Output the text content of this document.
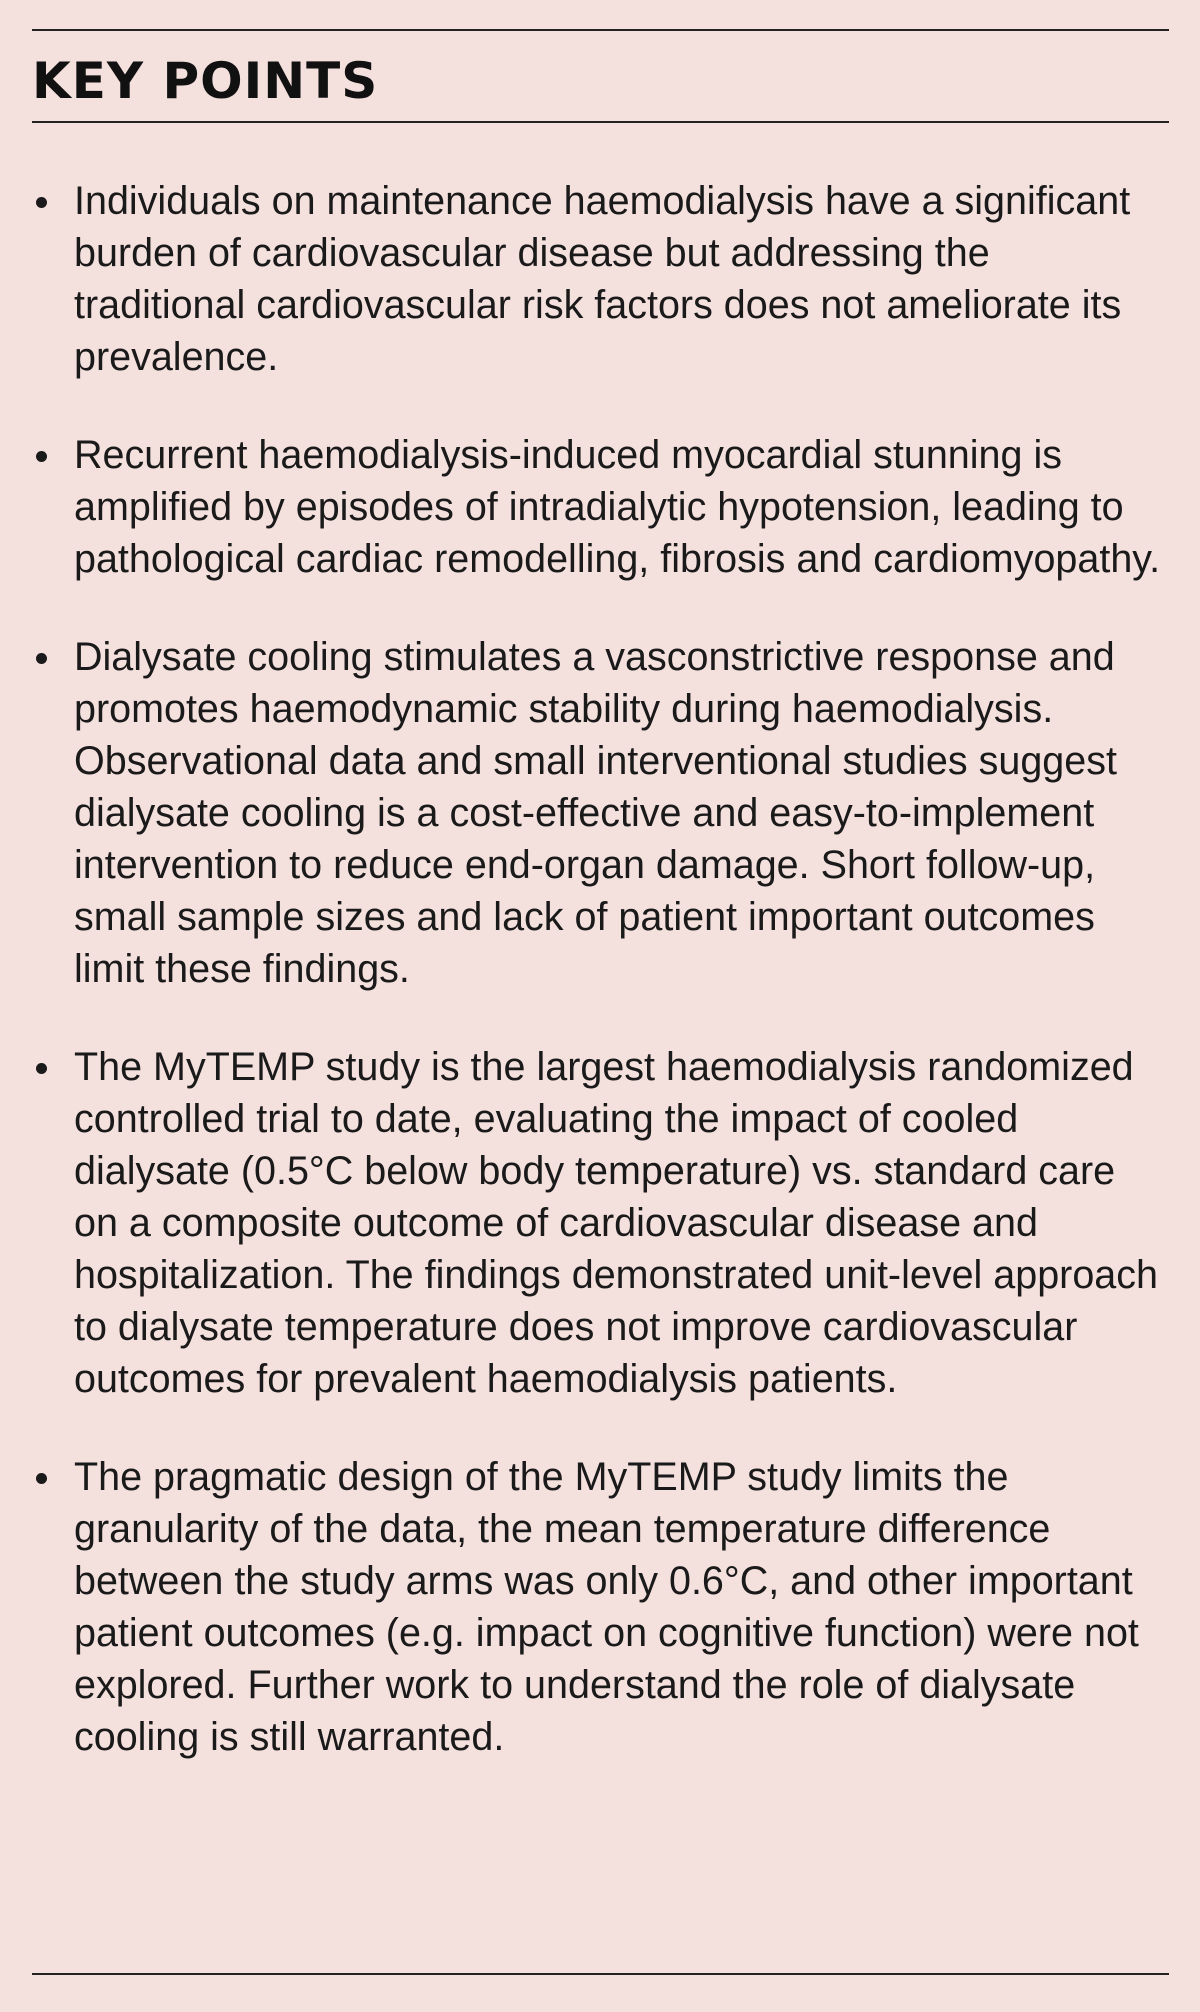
KEY POINTS
Individuals on maintenance haemodialysis have a significant burden of cardiovascular disease but addressing the traditional cardiovascular risk factors does not ameliorate its prevalence.
Recurrent haemodialysis-induced myocardial stunning is amplified by episodes of intradialytic hypotension, leading to pathological cardiac remodelling, fibrosis and cardiomyopathy.
Dialysate cooling stimulates a vasconstrictive response and promotes haemodynamic stability during haemodialysis. Observational data and small interventional studies suggest dialysate cooling is a cost-effective and easy-to-implement intervention to reduce end-organ damage. Short follow-up, small sample sizes and lack of patient important outcomes limit these findings.
The MyTEMP study is the largest haemodialysis randomized controlled trial to date, evaluating the impact of cooled dialysate (0.5°C below body temperature) vs. standard care on a composite outcome of cardiovascular disease and hospitalization. The findings demonstrated unit-level approach to dialysate temperature does not improve cardiovascular outcomes for prevalent haemodialysis patients.
The pragmatic design of the MyTEMP study limits the granularity of the data, the mean temperature difference between the study arms was only 0.6°C, and other important patient outcomes (e.g. impact on cognitive function) were not explored. Further work to understand the role of dialysate cooling is still warranted.
